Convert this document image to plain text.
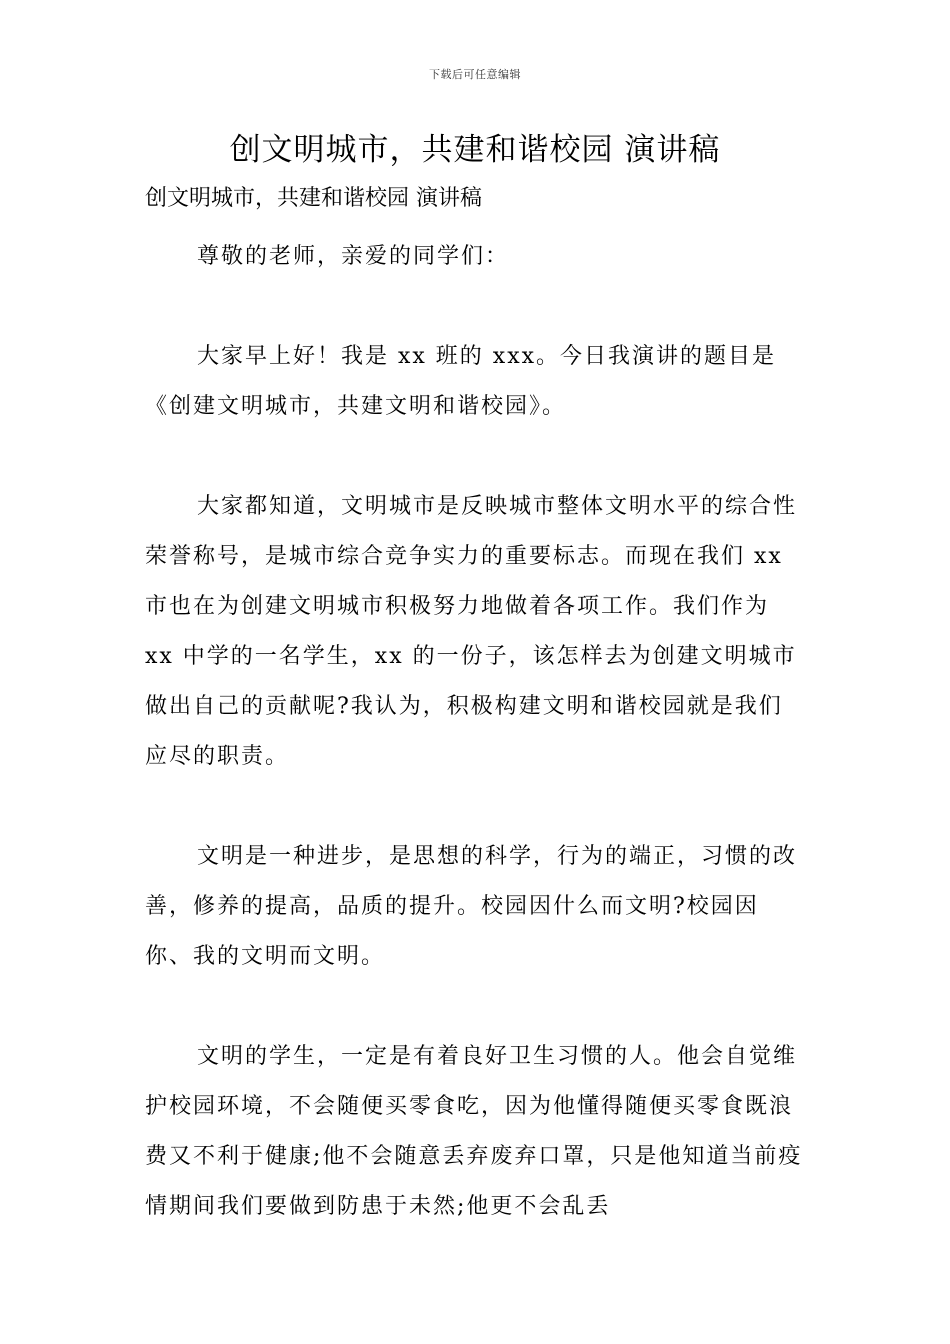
下载后可任意编辑
创文明城市，共建和谐校园 演讲稿
创文明城市，共建和谐校园 演讲稿

尊敬的老师，亲爱的同学们：

大家早上好！我是 xx 班的 xxx。今日我演讲的题目是《创建文明城市，共建文明和谐校园》。

大家都知道，文明城市是反映城市整体文明水平的综合性荣誉称号，是城市综合竞争实力的重要标志。而现在我们 xx 市也在为创建文明城市积极努力地做着各项工作。我们作为 xx 中学的一名学生，xx 的一份子，该怎样去为创建文明城市做出自己的贡献呢?我认为，积极构建文明和谐校园就是我们应尽的职责。

文明是一种进步，是思想的科学，行为的端正，习惯的改善，修养的提高，品质的提升。校园因什么而文明?校园因你、我的文明而文明。

文明的学生，一定是有着良好卫生习惯的人。他会自觉维护校园环境，不会随便买零食吃，因为他懂得随便买零食既浪费又不利于健康;他不会随意丢弃废弃口罩，只是他知道当前疫情期间我们要做到防患于未然;他更不会乱丢
